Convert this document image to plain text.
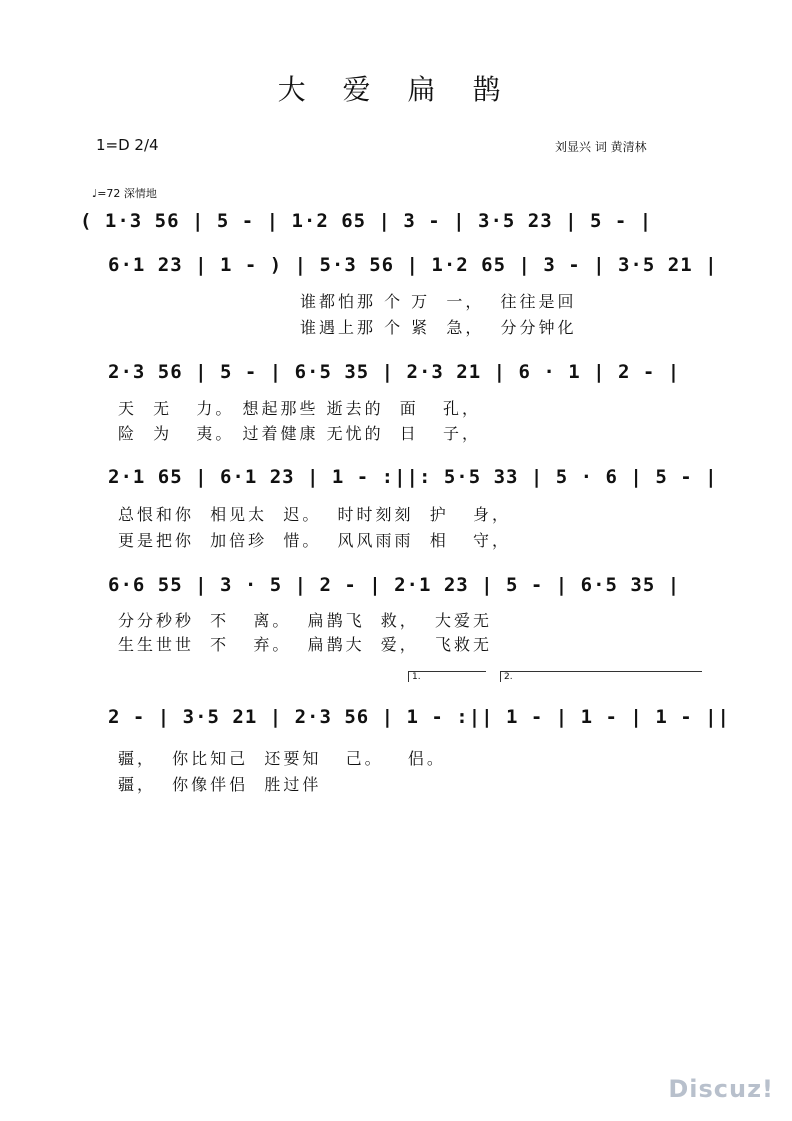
大 爱 扁 鹊
1=D 2/4	刘显兴 词 黄清林
♩=72 深情地
( 1·3 56 | 5 - | 1·2 65 | 3 - | 3·5 23 | 5 - |
6·1 23 | 1 - ) | 5·3 56 | 1·2 65 | 3 - | 3·5 21 |
谁都怕那 个 万  一，  往往是回
谁遇上那 个 紧  急，  分分钟化
2·3 56 | 5 - | 6·5 35 | 2·3 21 | 6 · 1 | 2 - |
天  无   力。 想起那些 逝去的  面   孔，
险  为   夷。 过着健康 无忧的  日   子，
2·1 65 | 6·1 23 | 1 - :||: 5·5 33 | 5 · 6 | 5 - |
总恨和你  相见太  迟。  时时刻刻  护   身，
更是把你  加倍珍  惜。  风风雨雨  相   守，
6·6 55 | 3 · 5 | 2 - | 2·1 23 | 5 - | 6·5 35 |
分分秒秒  不   离。  扁鹊飞  救，  大爱无
生生世世  不   弃。  扁鹊大  爱，  飞救无
1.	2.
2 - | 3·5 21 | 2·3 56 | 1 - :|| 1 - | 1 - | 1 - ||
疆，  你比知己  还要知   己。   侣。
疆，  你像伴侣  胜过伴
Discuz!
